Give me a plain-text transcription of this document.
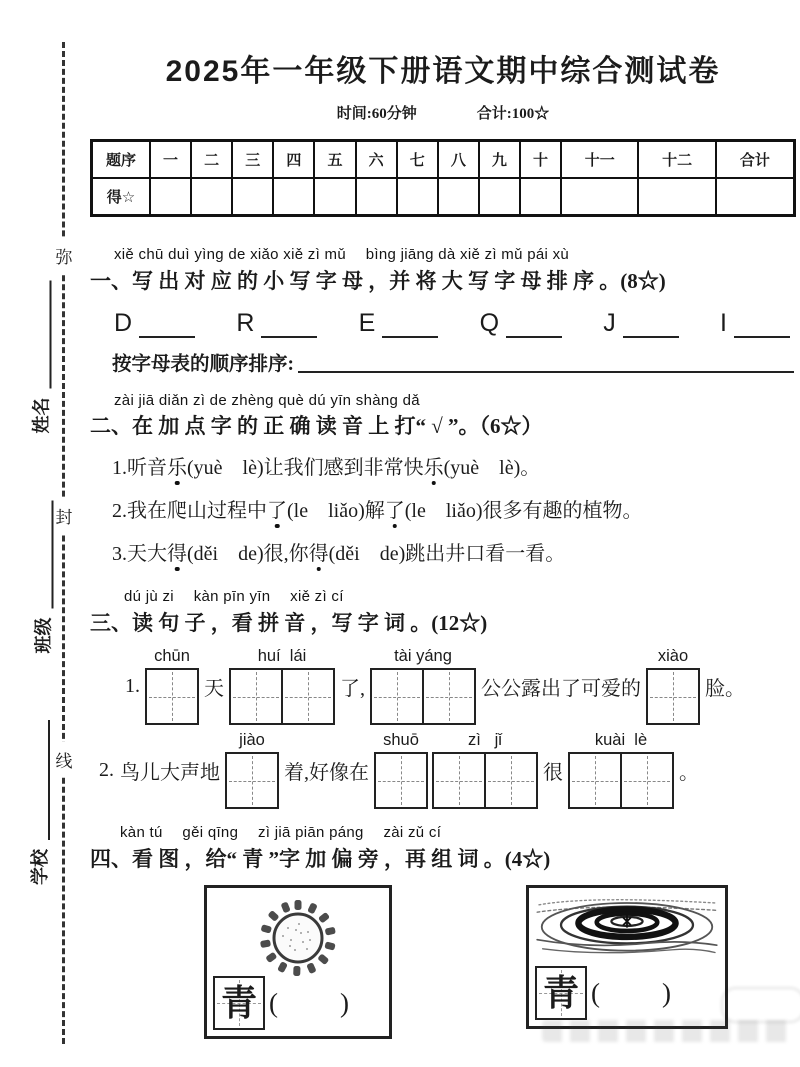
弥
封
线
姓名
班级
学校
2025年一年级下册语文期中综合测试卷
时间:60分钟	合计:100☆
题序	一	二	三	四	五	六	七	八	九	十	十一	十二	合计
得☆													
xiě chū duì yìng de xiǎo xiě zì mǔ　 bìng jiāng dà xiě zì mǔ pái xù
一、写 出 对 应 的 小 写 字 母 ，并 将 大 写 字 母 排 序 。(8☆)
D	R	E	Q	J	I
按字母表的顺序排序:
zài jiā diǎn zì de zhèng què dú yīn shàng dǎ
二、在 加 点 字 的 正 确 读 音 上 打“ √ ”。（6☆）
1.听音乐(yuè　lè)让我们感到非常快乐(yuè　lè)。
2.我在爬山过程中了(le　liǎo)解了(le　liǎo)很多有趣的植物。
3.天大得(děi　de)很,你得(děi　de)跳出井口看一看。
dú jù zi　 kàn pīn yīn　 xiě zì cí
三、读 句 子 ，看 拼 音 ，写 字 词 。(12☆)
1.
chūn
天
huí  lái
了,
tài yáng
公公露出了可爱的
xiào
脸。
2. 鸟儿大声地
jiào
着,好像在
shuō	zì   jǐ
很
kuài  lè
。
kàn tú　 gěi qīng　 zì jiā piān páng　 zài zǔ cí
四、看 图 ，给“ 青 ”字 加 偏 旁 ，再 组 词 。(4☆)
青 ( )	青 ( )
